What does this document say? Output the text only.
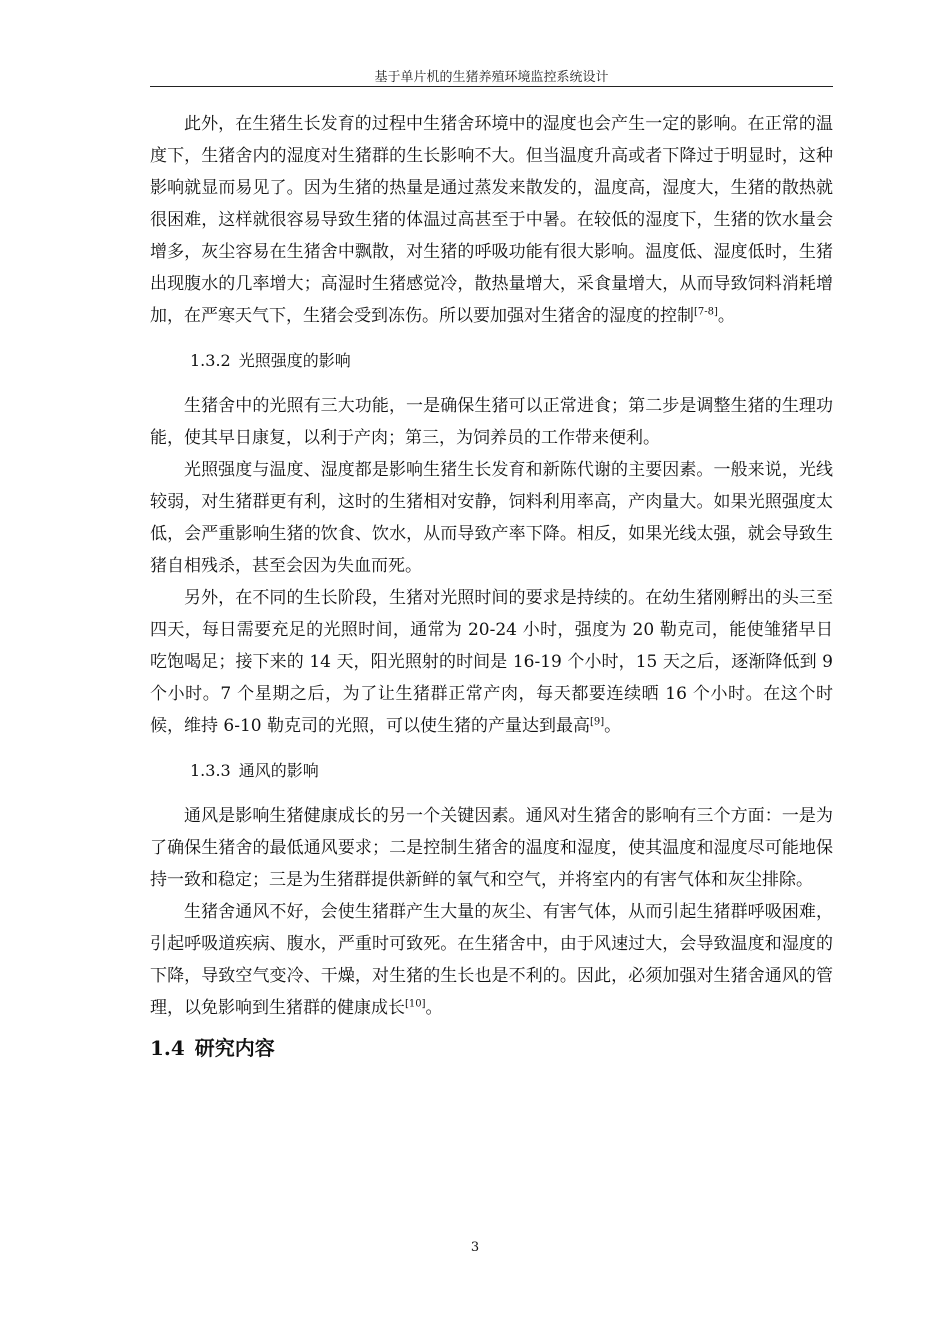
基于单片机的生猪养殖环境监控系统设计

此外，在生猪生长发育的过程中生猪舍环境中的湿度也会产生一定的影响。在正常的温度下，生猪舍内的湿度对生猪群的生长影响不大。但当温度升高或者下降过于明显时，这种影响就显而易见了。因为生猪的热量是通过蒸发来散发的，温度高，湿度大，生猪的散热就很困难，这样就很容易导致生猪的体温过高甚至于中暑。在较低的湿度下，生猪的饮水量会增多，灰尘容易在生猪舍中飘散，对生猪的呼吸功能有很大影响。温度低、湿度低时，生猪出现腹水的几率增大；高湿时生猪感觉冷，散热量增大，采食量增大，从而导致饲料消耗增加，在严寒天气下，生猪会受到冻伤。所以要加强对生猪舍的湿度的控制[7-8]。

1.3.2 光照强度的影响

生猪舍中的光照有三大功能，一是确保生猪可以正常进食；第二步是调整生猪的生理功能，使其早日康复，以利于产肉；第三，为饲养员的工作带来便利。

光照强度与温度、湿度都是影响生猪生长发育和新陈代谢的主要因素。一般来说，光线较弱，对生猪群更有利，这时的生猪相对安静，饲料利用率高，产肉量大。如果光照强度太低，会严重影响生猪的饮食、饮水，从而导致产率下降。相反，如果光线太强，就会导致生猪自相残杀，甚至会因为失血而死。

另外，在不同的生长阶段，生猪对光照时间的要求是持续的。在幼生猪刚孵出的头三至四天，每日需要充足的光照时间，通常为 20-24 小时，强度为 20 勒克司，能使雏猪早日吃饱喝足；接下来的 14 天，阳光照射的时间是 16-19 个小时，15 天之后，逐渐降低到 9 个小时。7 个星期之后，为了让生猪群正常产肉，每天都要连续晒 16 个小时。在这个时候，维持 6-10 勒克司的光照，可以使生猪的产量达到最高[9]。

1.3.3 通风的影响

通风是影响生猪健康成长的另一个关键因素。通风对生猪舍的影响有三个方面：一是为了确保生猪舍的最低通风要求；二是控制生猪舍的温度和湿度，使其温度和湿度尽可能地保持一致和稳定；三是为生猪群提供新鲜的氧气和空气，并将室内的有害气体和灰尘排除。

生猪舍通风不好，会使生猪群产生大量的灰尘、有害气体，从而引起生猪群呼吸困难，引起呼吸道疾病、腹水，严重时可致死。在生猪舍中，由于风速过大，会导致温度和湿度的下降，导致空气变冷、干燥，对生猪的生长也是不利的。因此，必须加强对生猪舍通风的管理，以免影响到生猪群的健康成长[10]。

1.4 研究内容
3
